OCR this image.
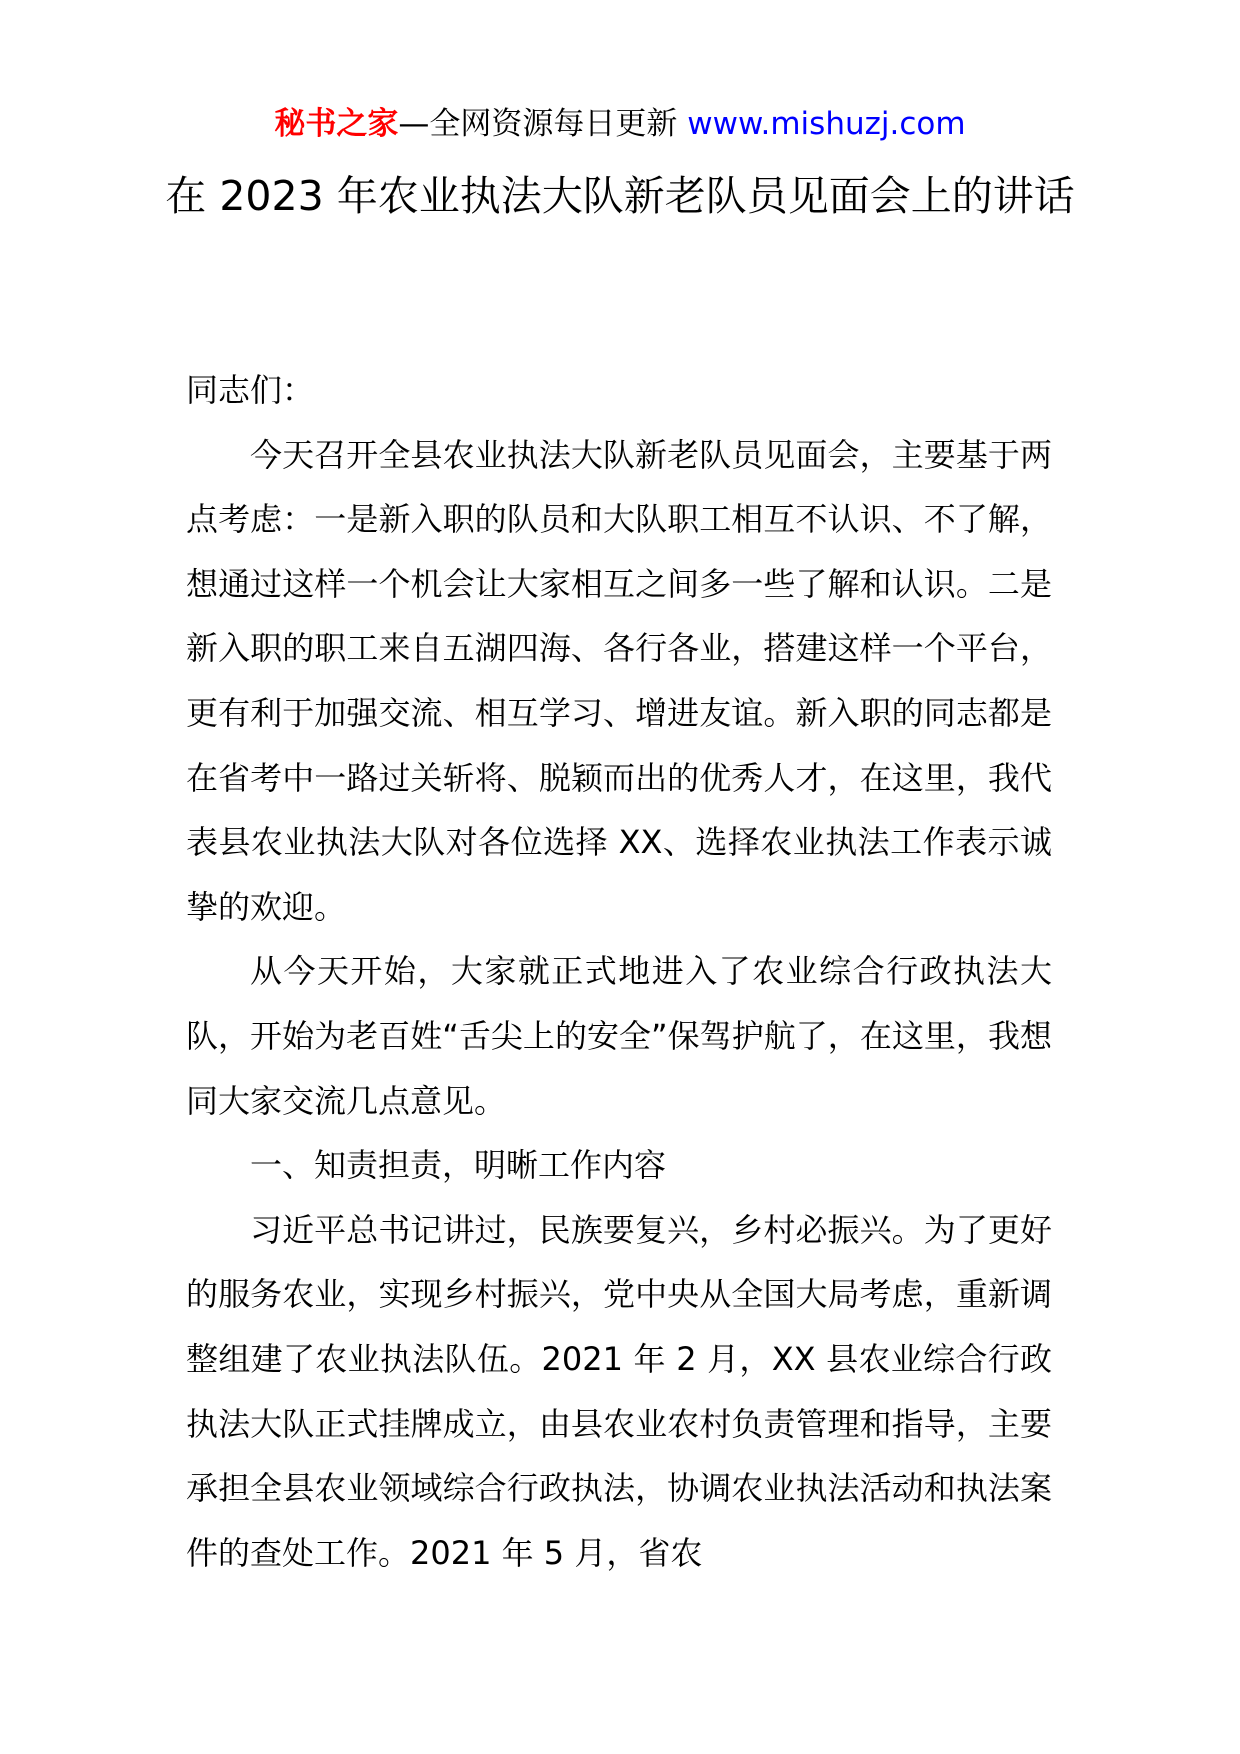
秘书之家—全网资源每日更新 www.mishuzj.com
在 2023 年农业执法大队新老队员见面会上的讲话

同志们：

今天召开全县农业执法大队新老队员见面会，主要基于两点考虑：一是新入职的队员和大队职工相互不认识、不了解，想通过这样一个机会让大家相互之间多一些了解和认识。二是新入职的职工来自五湖四海、各行各业，搭建这样一个平台，更有利于加强交流、相互学习、增进友谊。新入职的同志都是在省考中一路过关斩将、脱颖而出的优秀人才，在这里，我代表县农业执法大队对各位选择 XX、选择农业执法工作表示诚挚的欢迎。

从今天开始，大家就正式地进入了农业综合行政执法大队，开始为老百姓“舌尖上的安全”保驾护航了，在这里，我想同大家交流几点意见。

一、知责担责，明晰工作内容

习近平总书记讲过，民族要复兴，乡村必振兴。为了更好的服务农业，实现乡村振兴，党中央从全国大局考虑，重新调整组建了农业执法队伍。2021 年 2 月，XX 县农业综合行政执法大队正式挂牌成立，由县农业农村负责管理和指导，主要承担全县农业领域综合行政执法，协调农业执法活动和执法案件的查处工作。2021 年 5 月，省农
